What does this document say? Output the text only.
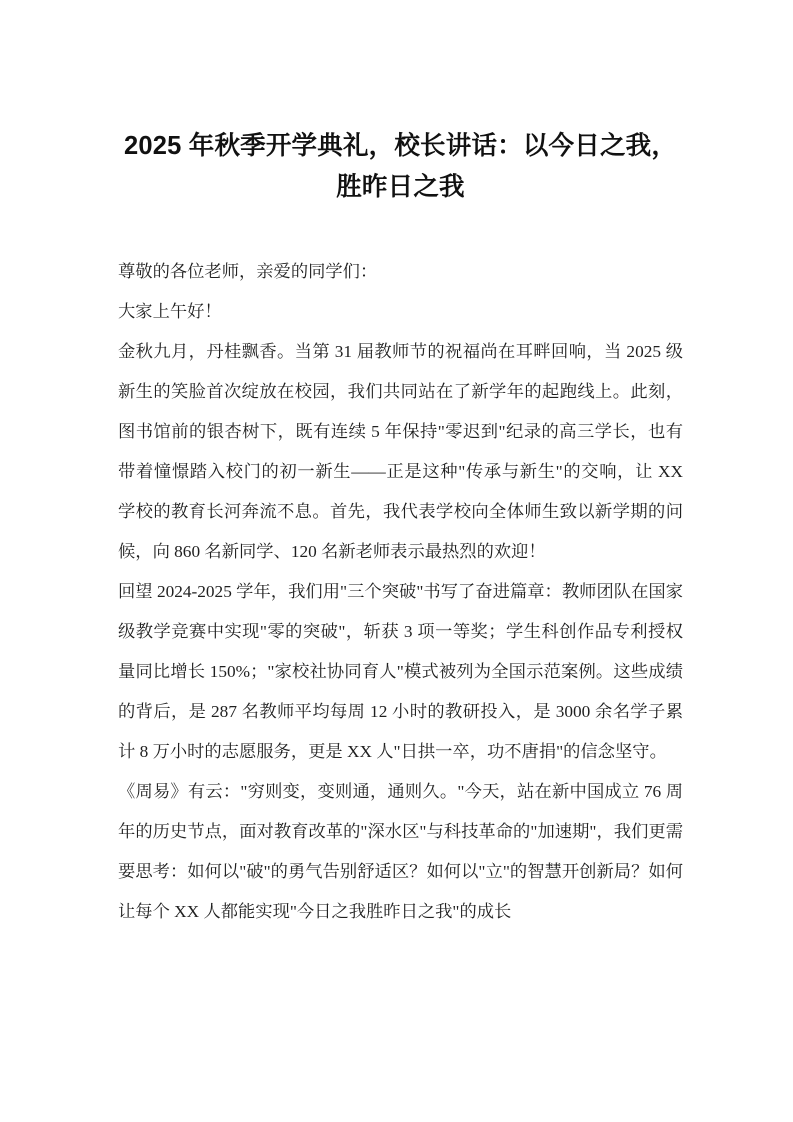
2025 年秋季开学典礼，校长讲话：以今日之我，胜昨日之我

尊敬的各位老师，亲爱的同学们：

大家上午好！

金秋九月，丹桂飘香。当第 31 届教师节的祝福尚在耳畔回响，当 2025 级新生的笑脸首次绽放在校园，我们共同站在了新学年的起跑线上。此刻，图书馆前的银杏树下，既有连续 5 年保持"零迟到"纪录的高三学长，也有带着憧憬踏入校门的初一新生——正是这种"传承与新生"的交响，让 XX 学校的教育长河奔流不息。首先，我代表学校向全体师生致以新学期的问候，向 860 名新同学、120 名新老师表示最热烈的欢迎！

回望 2024-2025 学年，我们用"三个突破"书写了奋进篇章：教师团队在国家级教学竞赛中实现"零的突破"，斩获 3 项一等奖；学生科创作品专利授权量同比增长 150%；"家校社协同育人"模式被列为全国示范案例。这些成绩的背后，是 287 名教师平均每周 12 小时的教研投入，是 3000 余名学子累计 8 万小时的志愿服务，更是 XX 人"日拱一卒，功不唐捐"的信念坚守。

《周易》有云："穷则变，变则通，通则久。"今天，站在新中国成立 76 周年的历史节点，面对教育改革的"深水区"与科技革命的"加速期"，我们更需要思考：如何以"破"的勇气告别舒适区？如何以"立"的智慧开创新局？如何让每个 XX 人都能实现"今日之我胜昨日之我"的成长
